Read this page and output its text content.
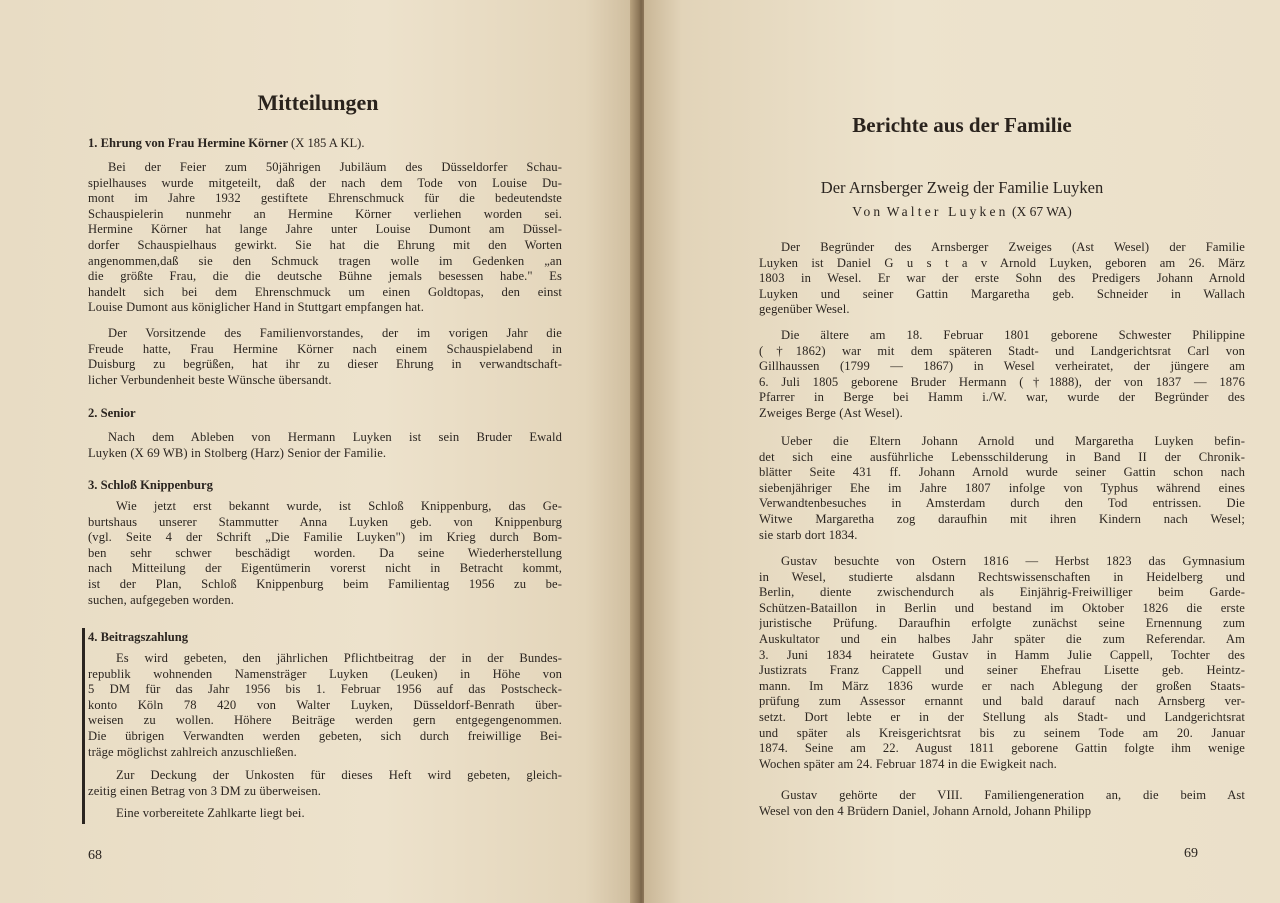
Mitteilungen
1. Ehrung von Frau Hermine Körner (X 185 A KL).
Bei der Feier zum 50jährigen Jubiläum des Düsseldorfer Schau-
spielhauses wurde mitgeteilt, daß der nach dem Tode von Louise Du-
mont im Jahre 1932 gestiftete Ehrenschmuck für die bedeutendste
Schauspielerin nunmehr an Hermine Körner verliehen worden sei.
Hermine Körner hat lange Jahre unter Louise Dumont am Düssel-
dorfer Schauspielhaus gewirkt. Sie hat die Ehrung mit den Worten
angenommen,daß sie den Schmuck tragen wolle im Gedenken „an
die größte Frau, die die deutsche Bühne jemals besessen habe." Es
handelt sich bei dem Ehrenschmuck um einen Goldtopas, den einst
Louise Dumont aus königlicher Hand in Stuttgart empfangen hat.
Der Vorsitzende des Familienvorstandes, der im vorigen Jahr die
Freude hatte, Frau Hermine Körner nach einem Schauspielabend in
Duisburg zu begrüßen, hat ihr zu dieser Ehrung in verwandtschaft-
licher Verbundenheit beste Wünsche übersandt.
2. Senior
Nach dem Ableben von Hermann Luyken ist sein Bruder Ewald
Luyken (X 69 WB) in Stolberg (Harz) Senior der Familie.
3. Schloß Knippenburg
Wie jetzt erst bekannt wurde, ist Schloß Knippenburg, das Ge-
burtshaus unserer Stammutter Anna Luyken geb. von Knippenburg
(vgl. Seite 4 der Schrift „Die Familie Luyken") im Krieg durch Bom-
ben sehr schwer beschädigt worden. Da seine Wiederherstellung
nach Mitteilung der Eigentümerin vorerst nicht in Betracht kommt,
ist der Plan, Schloß Knippenburg beim Familientag 1956 zu be-
suchen, aufgegeben worden.
4. Beitragszahlung
Es wird gebeten, den jährlichen Pflichtbeitrag der in der Bundes-
republik wohnenden Namensträger Luyken (Leuken) in Höhe von
5 DM für das Jahr 1956 bis 1. Februar 1956 auf das Postscheck-
konto Köln 78 420 von Walter Luyken, Düsseldorf-Benrath über-
weisen zu wollen. Höhere Beiträge werden gern entgegengenommen.
Die übrigen Verwandten werden gebeten, sich durch freiwillige Bei-
träge möglichst zahlreich anzuschließen.
Zur Deckung der Unkosten für dieses Heft wird gebeten, gleich-
zeitig einen Betrag von 3 DM zu überweisen.
Eine vorbereitete Zahlkarte liegt bei.
68
Berichte aus der Familie
Der Arnsberger Zweig der Familie Luyken
Von Walter Luyken (X 67 WA)
Der Begründer des Arnsberger Zweiges (Ast Wesel) der Familie
Luyken ist Daniel G u s t a v Arnold Luyken, geboren am 26. März
1803 in Wesel. Er war der erste Sohn des Predigers Johann Arnold
Luyken und seiner Gattin Margaretha geb. Schneider in Wallach
gegenüber Wesel.
Die ältere am 18. Februar 1801 geborene Schwester Philippine
(†1862) war mit dem späteren Stadt- und Landgerichtsrat Carl von
Gillhaussen (1799 — 1867) in Wesel verheiratet, der jüngere am
6. Juli 1805 geborene Bruder Hermann (†1888), der von 1837 — 1876
Pfarrer in Berge bei Hamm i./W. war, wurde der Begründer des
Zweiges Berge (Ast Wesel).
Ueber die Eltern Johann Arnold und Margaretha Luyken befin-
det sich eine ausführliche Lebensschilderung in Band II der Chronik-
blätter Seite 431 ff. Johann Arnold wurde seiner Gattin schon nach
siebenjähriger Ehe im Jahre 1807 infolge von Typhus während eines
Verwandtenbesuches in Amsterdam durch den Tod entrissen. Die
Witwe Margaretha zog daraufhin mit ihren Kindern nach Wesel;
sie starb dort 1834.
Gustav besuchte von Ostern 1816 — Herbst 1823 das Gymnasium
in Wesel, studierte alsdann Rechtswissenschaften in Heidelberg und
Berlin, diente zwischendurch als Einjährig-Freiwilliger beim Garde-
Schützen-Bataillon in Berlin und bestand im Oktober 1826 die erste
juristische Prüfung. Daraufhin erfolgte zunächst seine Ernennung zum
Auskultator und ein halbes Jahr später die zum Referendar. Am
3. Juni 1834 heiratete Gustav in Hamm Julie Cappell, Tochter des
Justizrats Franz Cappell und seiner Ehefrau Lisette geb. Heintz-
mann. Im März 1836 wurde er nach Ablegung der großen Staats-
prüfung zum Assessor ernannt und bald darauf nach Arnsberg ver-
setzt. Dort lebte er in der Stellung als Stadt- und Landgerichtsrat
und später als Kreisgerichtsrat bis zu seinem Tode am 20. Januar
1874. Seine am 22. August 1811 geborene Gattin folgte ihm wenige
Wochen später am 24. Februar 1874 in die Ewigkeit nach.
Gustav gehörte der VIII. Familiengeneration an, die beim Ast
Wesel von den 4 Brüdern Daniel, Johann Arnold, Johann Philipp
69
